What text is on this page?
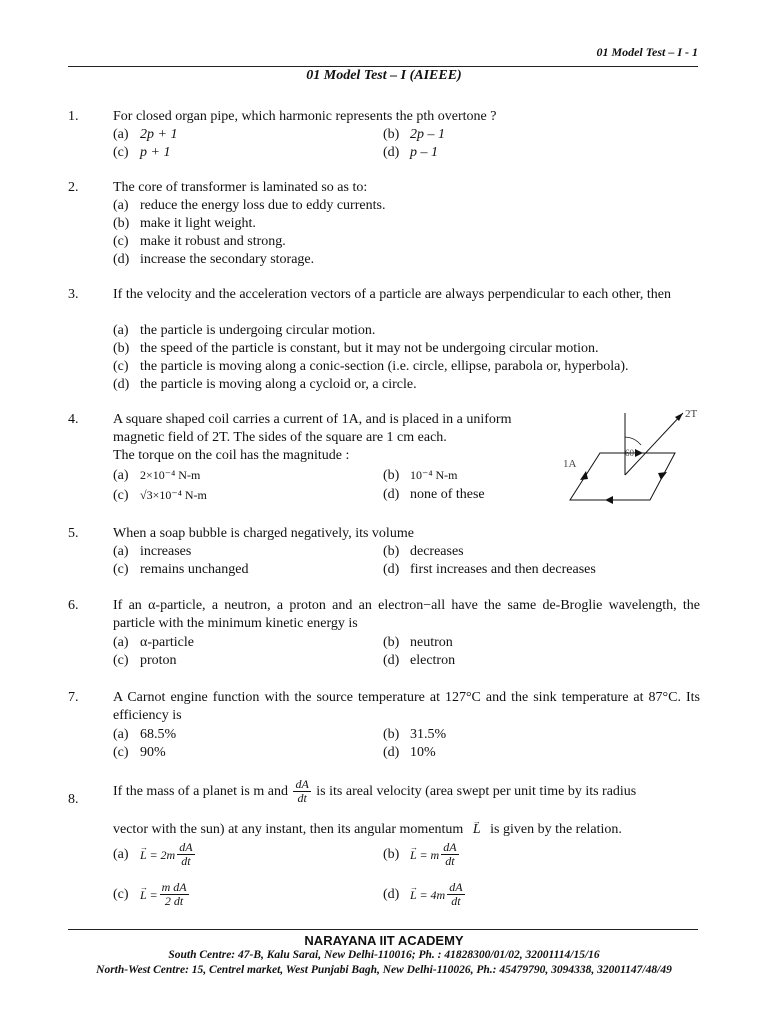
01 Model Test – I - 1
01 Model Test – I (AIEEE)
1. For closed organ pipe, which harmonic represents the pth overtone ?
(a) 2p + 1	(b) 2p – 1
(c) p + 1	(d) p – 1
2. The core of transformer is laminated so as to:
(a) reduce the energy loss due to eddy currents.
(b) make it light weight.
(c) make it robust and strong.
(d) increase the secondary storage.
3. If the velocity and the acceleration vectors of a particle are always perpendicular to each other, then
(a) the particle is undergoing circular motion.
(b) the speed of the particle is constant, but it may not be undergoing circular motion.
(c) the particle is moving along a conic-section (i.e. circle, ellipse, parabola or, hyperbola).
(d) the particle is moving along a cycloid or, a circle.
4. A square shaped coil carries a current of 1A, and is placed in a uniform
magnetic field of 2T. The sides of the square are 1 cm each.
The torque on the coil has the magnitude :
(a) 2×10⁻⁴ N-m	(b) 10⁻⁴ N-m
(c) √3×10⁻⁴ N-m	(d) none of these
2T
1A
60
5. When a soap bubble is charged negatively, its volume
(a) increases	(b) decreases
(c) remains unchanged	(d) first increases and then decreases
6. If an α-particle, a neutron, a proton and an electron−all have the same de-Broglie wavelength, the particle with the minimum kinetic energy is
(a) α-particle	(b) neutron
(c) proton	(d) electron
7. A Carnot engine function with the source temperature at 127°C and the sink temperature at 87°C. Its efficiency is
(a) 68.5%	(b) 31.5%
(c) 90%	(d) 10%
8.
If the mass of a planet is m and $\frac{dA}{dt}$ is its areal velocity (area swept per unit time by its radius
vector with the sun) at any instant, then its angular momentum → L is given by the relation.
$(a) \to L = 2m \frac{dA}{dt}$	(b) → L = m $\frac{dA}{dt}$
$(c) \to L = \frac{\text{m dA}}{2 dt}$	$(d) \to L = 4m \frac{dA}{dt}$
NARAYANA IIT ACADEMY
South Centre: 47-B, Kalu Sarai, New Delhi-110016; Ph. : 41828300/01/02, 32001114/15/16
North-West Centre: 15, Centrel market, West Punjabi Bagh, New Delhi-110026, Ph.: 45479790, 3094338, 32001147/48/49
